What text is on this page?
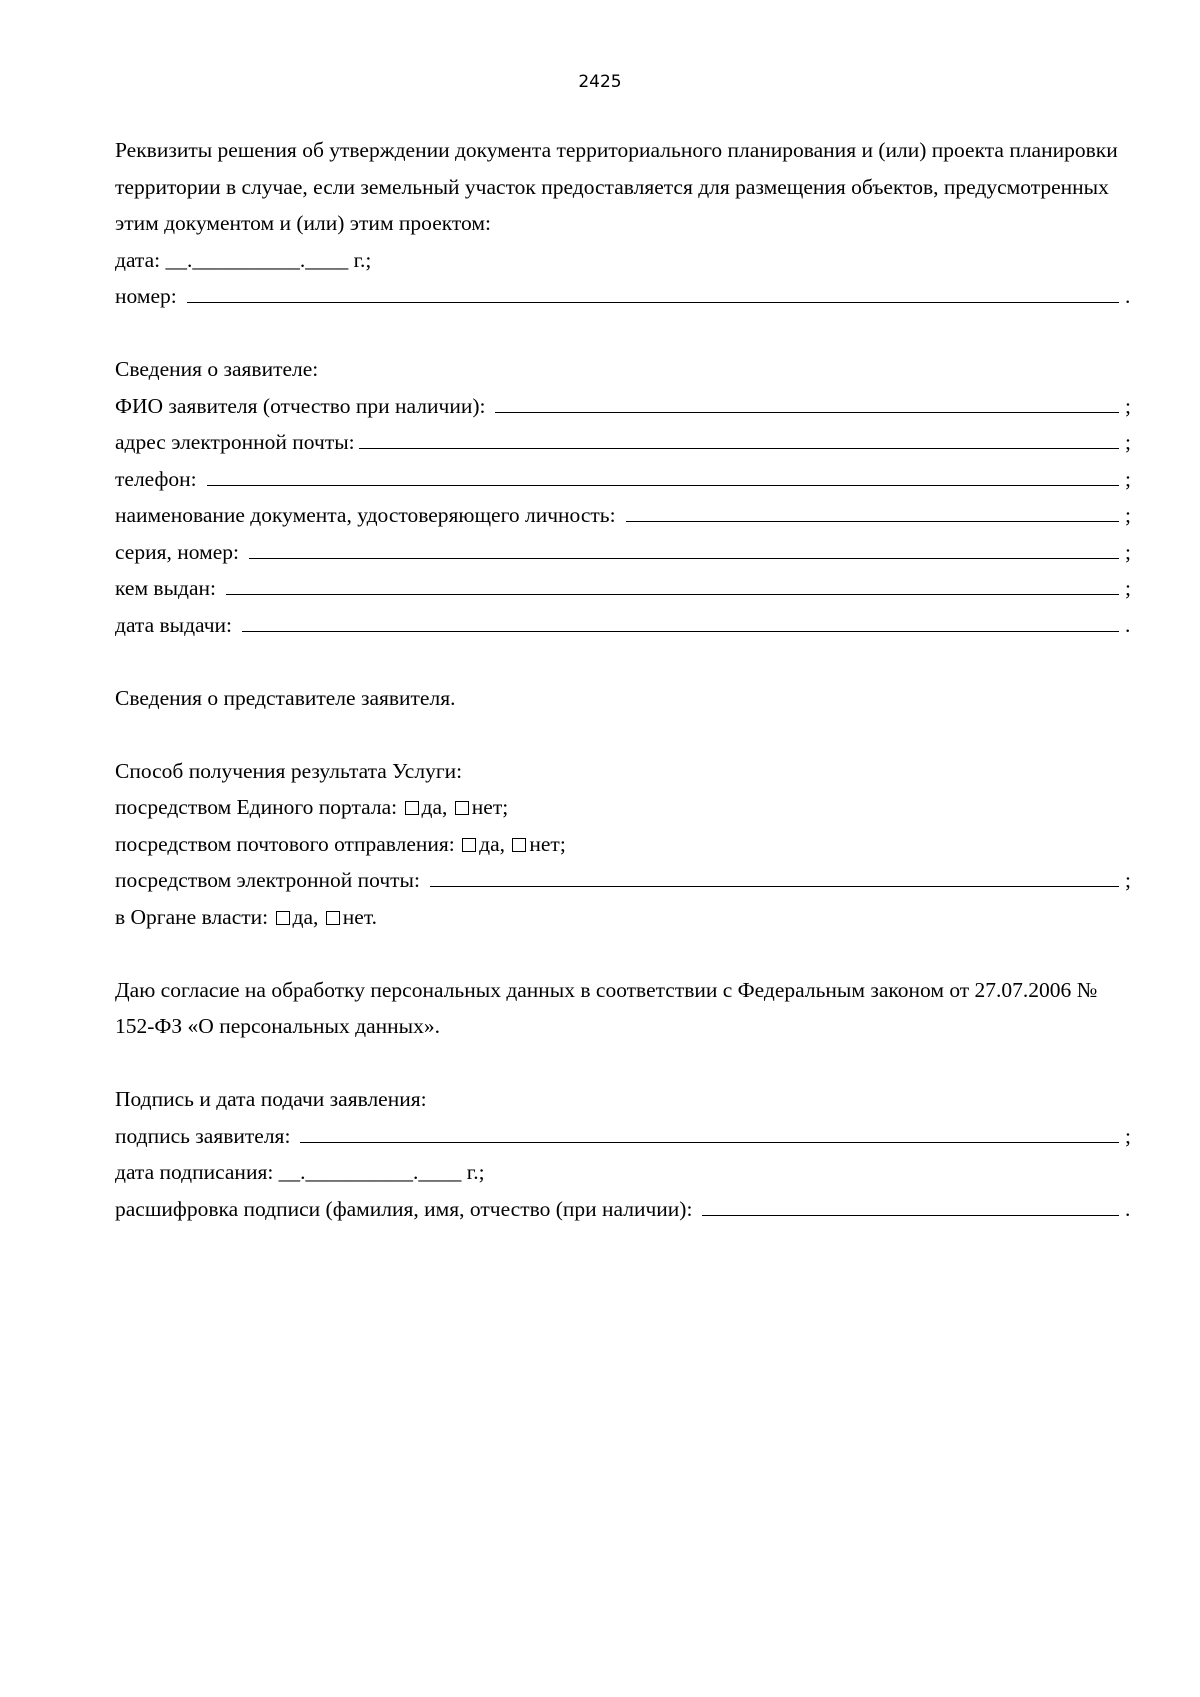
2425

Реквизиты решения об утверждении документа территориального планирования и (или) проекта планировки территории в случае, если земельный участок предоставляется для размещения объектов, предусмотренных этим документом и (или) этим проектом:

дата: __.__________.____ г.;
номер:	.
Сведения о заявителе:
ФИО заявителя (отчество при наличии):	;
адрес электронной почты:	;
телефон:	;
наименование документа, удостоверяющего личность:	;
серия, номер:	;
кем выдан:	;
дата выдачи:	.
Сведения о представителе заявителя.
Способ получения результата Услуги:
посредством Единого портала: да, нет;
посредством почтового отправления: да, нет;
посредством электронной почты:	;
в Органе власти: да, нет.

Даю согласие на обработку персональных данных в соответствии с Федеральным законом от 27.07.2006 № 152-ФЗ «О персональных данных».

Подпись и дата подачи заявления:
подпись заявителя:	;
дата подписания: __.__________.____ г.;
расшифровка подписи (фамилия, имя, отчество (при наличии):	.
